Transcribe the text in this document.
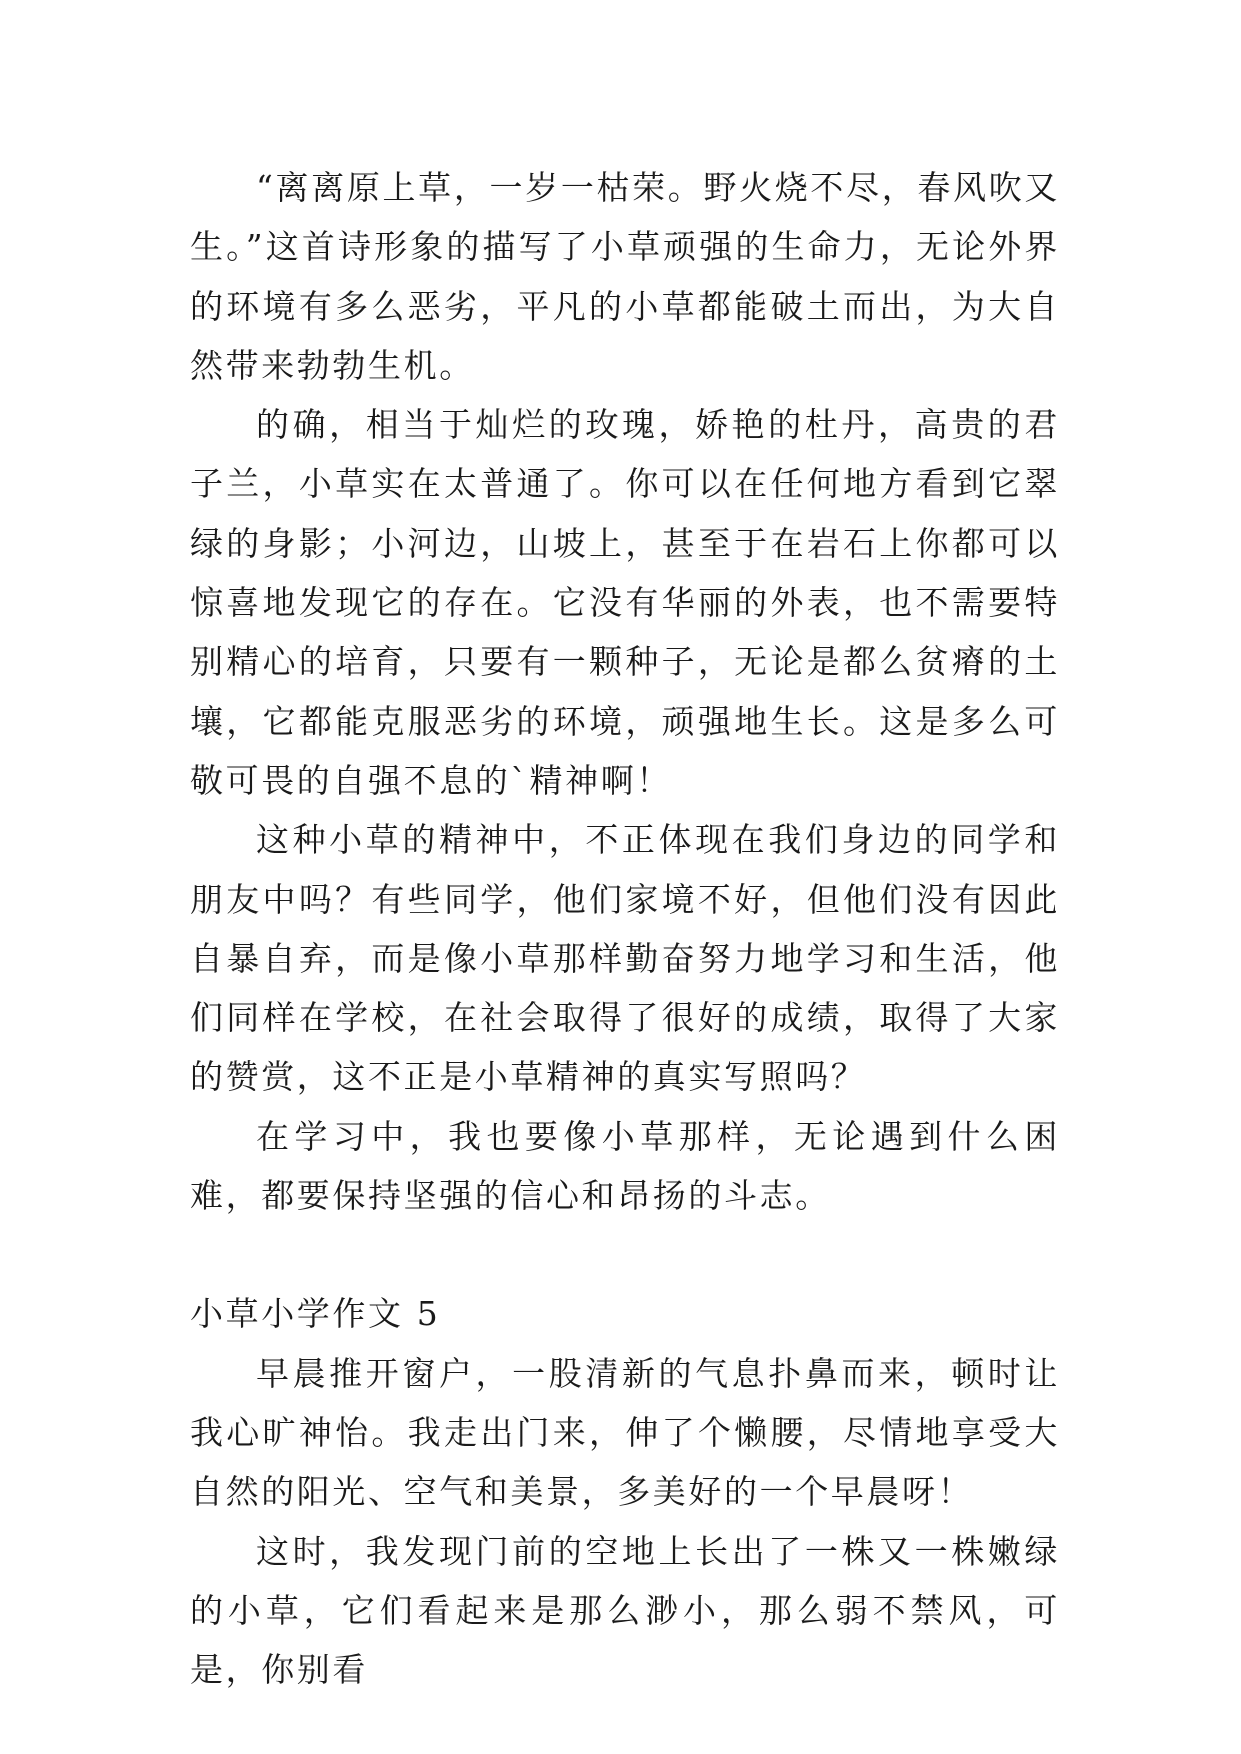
“离离原上草，一岁一枯荣。野火烧不尽，春风吹又生。”这首诗形象的描写了小草顽强的生命力，无论外界的环境有多么恶劣，平凡的小草都能破土而出，为大自然带来勃勃生机。

的确，相当于灿烂的玫瑰，娇艳的杜丹，高贵的君子兰，小草实在太普通了。你可以在任何地方看到它翠绿的身影；小河边，山坡上，甚至于在岩石上你都可以惊喜地发现它的存在。它没有华丽的外表，也不需要特别精心的培育，只要有一颗种子，无论是都么贫瘠的土壤，它都能克服恶劣的环境，顽强地生长。这是多么可敬可畏的自强不息的`精神啊！

这种小草的精神中，不正体现在我们身边的同学和朋友中吗？有些同学，他们家境不好，但他们没有因此自暴自弃，而是像小草那样勤奋努力地学习和生活，他们同样在学校，在社会取得了很好的成绩，取得了大家的赞赏，这不正是小草精神的真实写照吗？

在学习中，我也要像小草那样，无论遇到什么困难，都要保持坚强的信心和昂扬的斗志。

小草小学作文 5

早晨推开窗户，一股清新的气息扑鼻而来，顿时让我心旷神怡。我走出门来，伸了个懒腰，尽情地享受大自然的阳光、空气和美景，多美好的一个早晨呀！

这时，我发现门前的空地上长出了一株又一株嫩绿的小草，它们看起来是那么渺小，那么弱不禁风，可是，你别看
